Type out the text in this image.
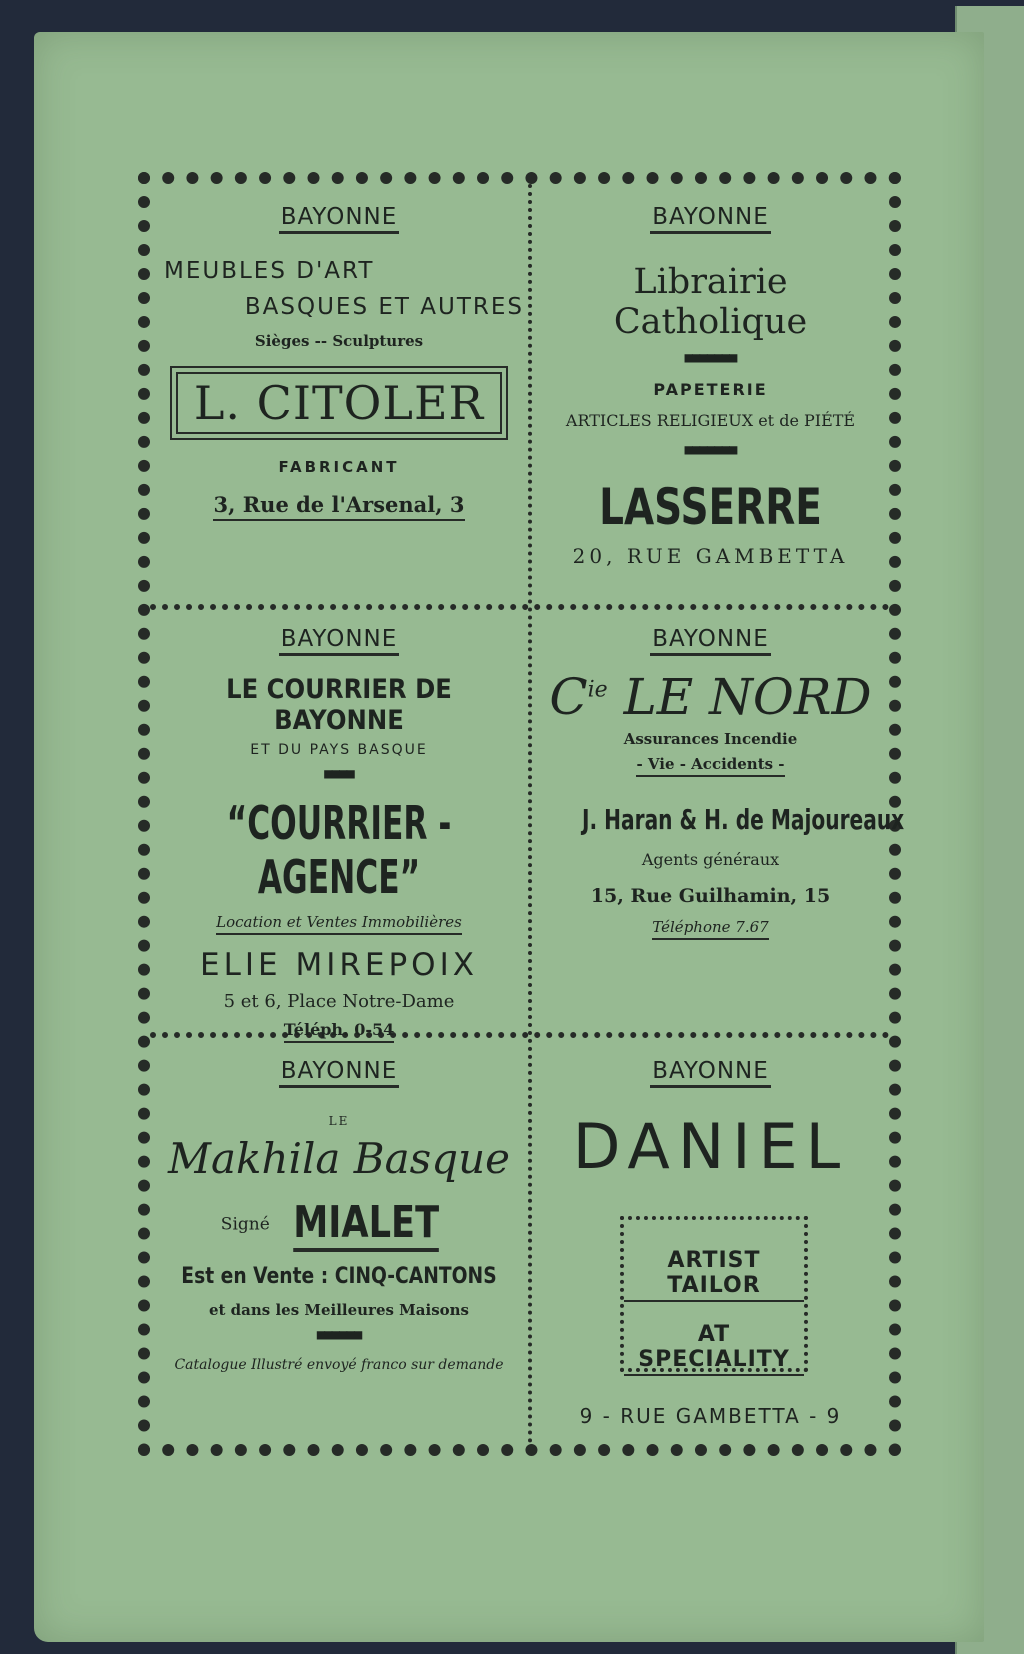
BAYONNE
MEUBLES D'ART
BASQUES ET AUTRES
Sièges -- Sculptures
L. CITOLER
FABRICANT
3, Rue de l'Arsenal, 3
BAYONNE
Librairie Catholique
■■■■■■■
PAPETERIE
ARTICLES RELIGIEUX et de PIÉTÉ
■■■■■■■
LASSERRE
20, RUE GAMBETTA
BAYONNE
LE COURRIER DE BAYONNE
ET DU PAYS BASQUE
■■■■
“COURRIER - AGENCE”
Location et Ventes Immobilières
ELIE MIREPOIX
5 et 6, Place Notre-Dame
Téléph. 0-54
BAYONNE
$C^{ie}$ LE NORD
Assurances Incendie
- Vie - Accidents -
J. Haran & H. de Majoureaux
Agents généraux
15, Rue Guilhamin, 15
Téléphone 7.67
BAYONNE
LE
Makhila Basque
Signé MIALET
Est en Vente : CINQ-CANTONS
et dans les Meilleures Maisons
■■■■■■
Catalogue Illustré envoyé franco sur demande
BAYONNE
DANIEL
ARTIST TAILOR
AT SPECIALITY
9 - RUE GAMBETTA - 9
